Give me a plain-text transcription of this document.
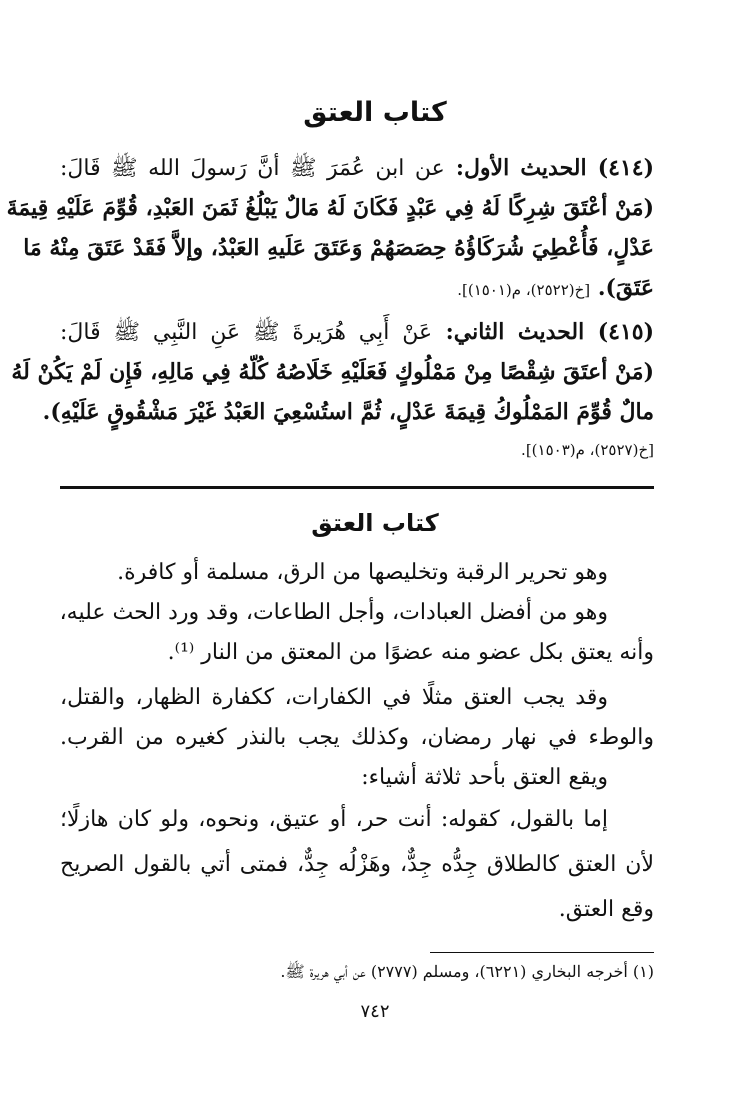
كتاب العتق
(٤١٤) الحديث الأول: عن ابن عُمَرَ ﷺ أنَّ رَسولَ الله ﷺ قَالَ:
(مَنْ أعْتَقَ شِرِكًا لَهُ فِي عَبْدٍ فَكَانَ لَهُ مَالٌ يَبْلُغُ ثَمَنَ العَبْدِ، قُوِّمَ عَلَيْهِ قِيمَةَ
عَدْلٍ، فَأُعْطِيَ شُرَكَاؤُهُ حِصَصَهُمْ وَعَتَقَ عَلَيهِ العَبْدُ، وإلاَّ فَقَدْ عَتَقَ مِنْهُ مَا
عَتَقَ). [خ(٢٥٢٢)، م(١٥٠١)].
(٤١٥) الحديث الثاني: عَنْ أَبِي هُرَيرةَ ﷺ عَنِ النَّبِي ﷺ قَالَ:
(مَنْ أعتَقَ شِقْصًا مِنْ مَمْلُوكٍ فَعَلَيْهِ خَلَاصُهُ كُلّهُ فِي مَالِهِ، فَإِن لَمْ يَكُنْ لَهُ
مالٌ قُوِّمَ المَمْلُوكُ قِيمَةَ عَدْلٍ، ثُمَّ استُسْعِيَ العَبْدُ غَيْرَ مَشْقُوقٍ عَلَيْهِ).
[خ(٢٥٢٧)، م(١٥٠٣)].
كتاب العتق
وهو تحرير الرقبة وتخليصها من الرق، مسلمة أو كافرة.
وهو من أفضل العبادات، وأجل الطاعات، وقد ورد الحث عليه،
وأنه يعتق بكل عضو منه عضوًا من المعتق من النار ⁽¹⁾.
وقد يجب العتق مثلًا في الكفارات، ككفارة الظهار، والقتل،
والوطء في نهار رمضان، وكذلك يجب بالنذر كغيره من القرب.
ويقع العتق بأحد ثلاثة أشياء:
إما بالقول، كقوله: أنت حر، أو عتيق، ونحوه، ولو كان هازلًا؛
لأن العتق كالطلاق جِدُّه جِدٌّ، وهَزْلُه جِدٌّ، فمتى أتي بالقول الصريح
وقع العتق.
(١) أخرجه البخاري (٦٢٢١)، ومسلم (٢٧٧٧) عن أبي هريرة ﷺ.
٧٤٢
